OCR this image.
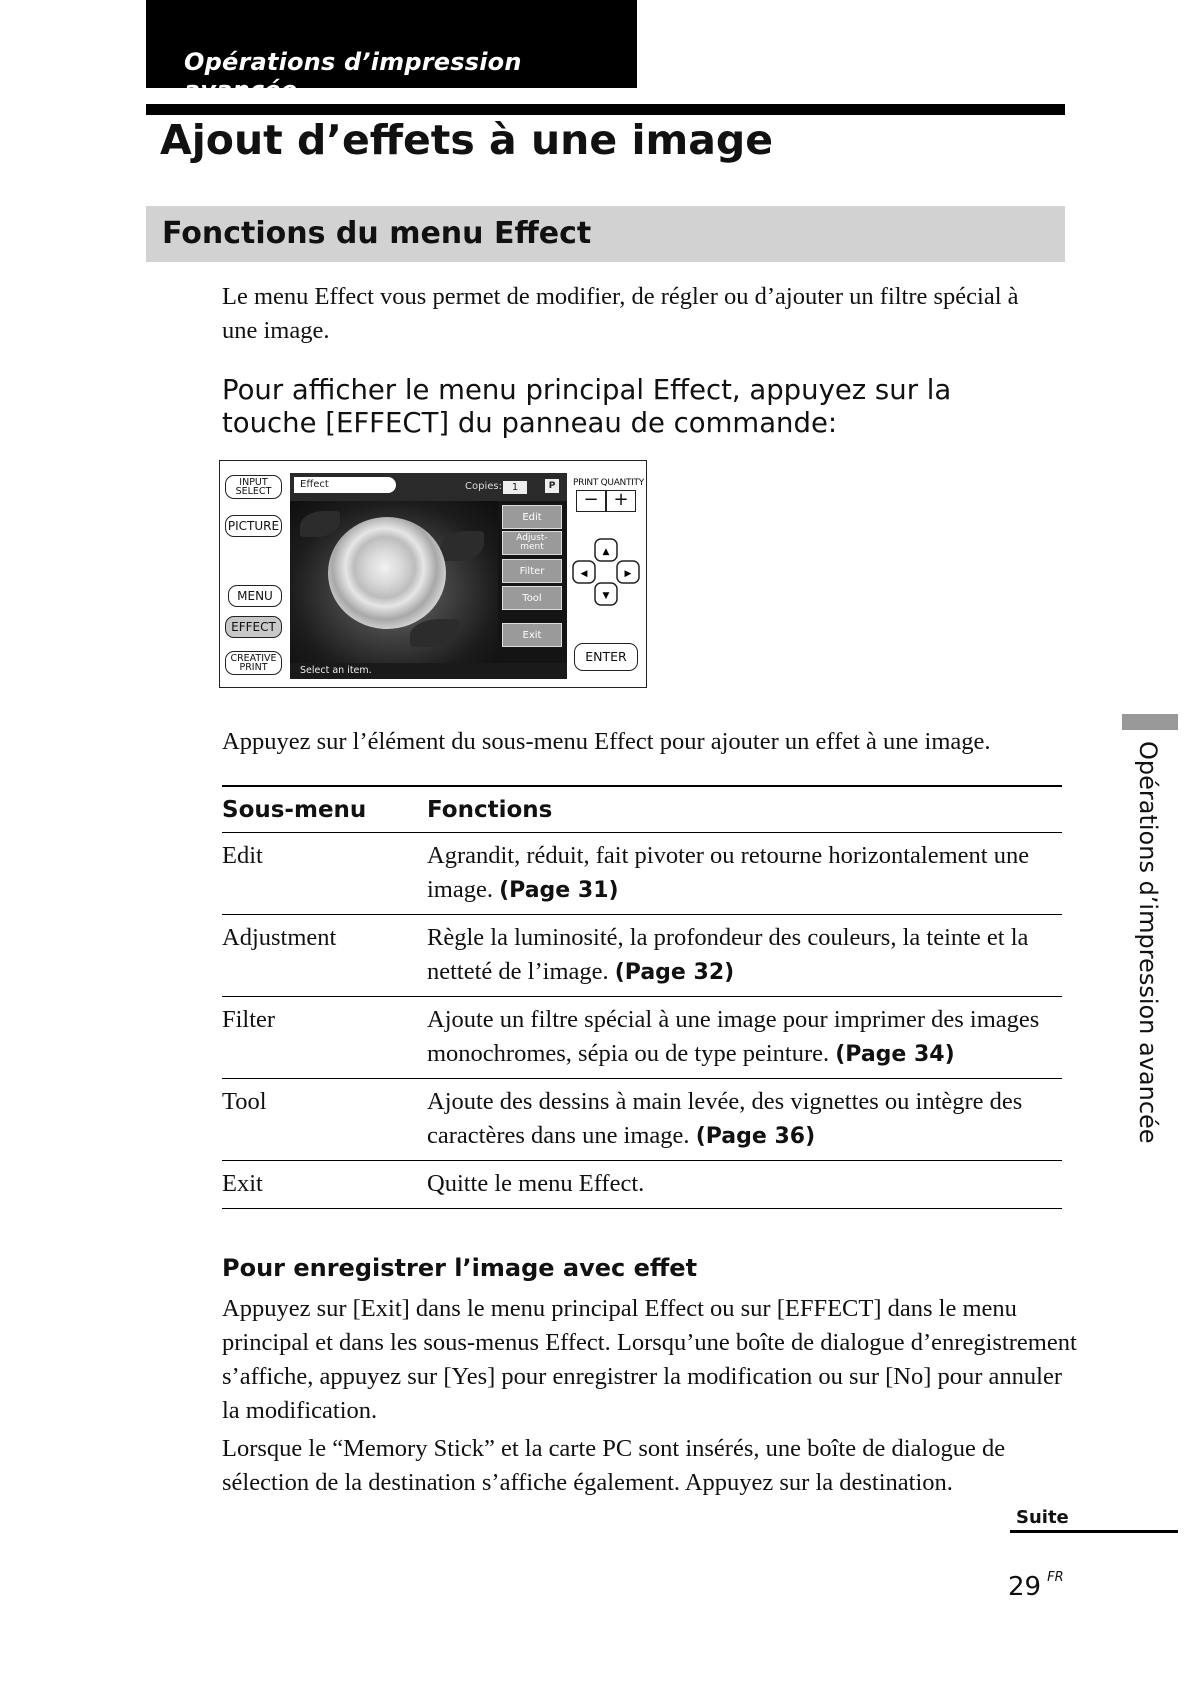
Opérations d’impression avancée
Ajout d’effets à une image
Fonctions du menu Effect
Le menu Effect vous permet de modifier, de régler ou d’ajouter un filtre spécial à une image.
Pour afficher le menu principal Effect, appuyez sur la touche [EFFECT] du panneau de commande:
INPUT
SELECT
PICTURE
MENU
EFFECT
CREATIVE
PRINT
Effect	Copies: 1	P
Edit
Adjust-
ment
Filter
Tool
Exit
Select an item.
PRINT QUANTITY
− +
▲
▼
◀	▶
ENTER
Appuyez sur l’élément du sous-menu Effect pour ajouter un effet à une image.
Sous-menu	Fonctions
Edit	Agrandit, réduit, fait pivoter ou retourne horizontalement une image. (Page 31)
Adjustment	Règle la luminosité, la profondeur des couleurs, la teinte et la netteté de l’image. (Page 32)
Filter	Ajoute un filtre spécial à une image pour imprimer des images monochromes, sépia ou de type peinture. (Page 34)
Tool	Ajoute des dessins à main levée, des vignettes ou intègre des caractères dans une image. (Page 36)
Exit	Quitte le menu Effect.
Pour enregistrer l’image avec effet
Appuyez sur [Exit] dans le menu principal Effect ou sur [EFFECT] dans le menu principal et dans les sous-menus Effect. Lorsqu’une boîte de dialogue d’enregistrement s’affiche, appuyez sur [Yes] pour enregistrer la modification ou sur [No] pour annuler la modification.
Lorsque le “Memory Stick” et la carte PC sont insérés, une boîte de dialogue de sélection de la destination s’affiche également. Appuyez sur la destination.
Suite
29 $^{FR}$
Opérations d’impression avancée
